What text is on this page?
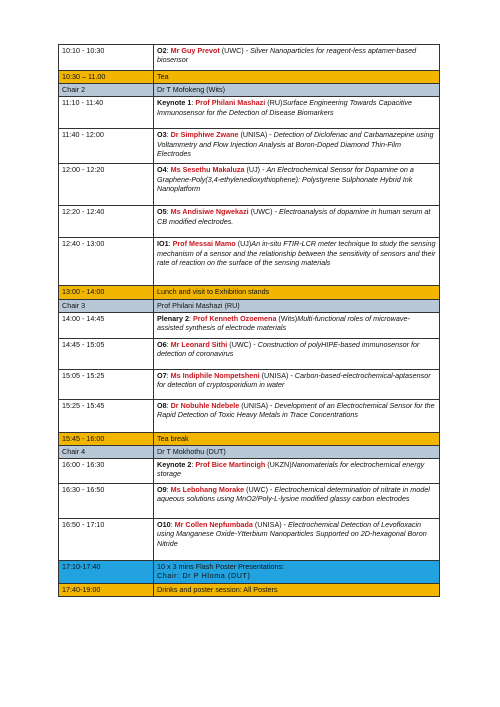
10:10 - 10:30	O2: Mr Guy Prevot (UWC) - Silver Nanoparticles for reagent-less aptamer-based biosensor
10:30 – 11.00	Tea
Chair 2	Dr T Mofokeng (Wits)
11:10 - 11:40	Keynote 1: Prof Philani Mashazi (RU)Surface Engineering Towards Capacitive Immunosensor for the Detection of Disease Biomarkers
11:40 - 12:00	O3: Dr Simphiwe Zwane (UNISA) - Detection of Diclofenac and Carbamazepine using Voltammetry and Flow Injection Analysis at Boron-Doped Diamond Thin-Film Electrodes
12:00 - 12:20	O4: Ms Sesethu Makaluza (UJ) - An Electrochemical Sensor for Dopamine on a Graphene-Poly(3,4-ethylenedioxythiophene): Polystyrene Sulphonate Hybrid Ink Nanoplatform
12:20 - 12:40	O5: Ms Andisiwe Ngwekazi (UWC) - Electroanalysis of dopamine in human serum at CB modified electrodes.
12:40 - 13:00	IO1: Prof Messai Mamo (UJ)An in-situ FTIR-LCR meter technique to study the sensing mechanism of a sensor and the relationship between the sensitivity of sensors and their rate of reaction on the surface of the sensing materials
13:00 - 14:00	Lunch and visit to Exhibition stands
Chair 3	Prof Philani Mashazi (RU)
14:00 - 14:45	Plenary 2: Prof Kenneth Ozoemena (Wits)Multi-functional roles of microwave-assisted synthesis of electrode materials
14:45 - 15:05	O6: Mr Leonard Sithi (UWC) - Construction of polyHIPE-based immunosensor for detection of coronavirus
15:05 - 15:25	O7: Ms Indiphile Nompetsheni (UNISA) - Carbon-based-electrochemical-aptasensor for detection of cryptosporidium in water
15:25 - 15:45	O8: Dr Nobuhle Ndebele (UNISA) - Development of an Electrochemical Sensor for the Rapid Detection of Toxic Heavy Metals in Trace Concentrations
15:45 - 16:00	Tea break
Chair 4	Dr T Mokhothu (DUT)
16:00 - 16:30	Keynote 2: Prof Bice Martincigh (UKZN)Nanomaterials for electrochemical energy storage
16:30 - 16:50	O9: Ms Lebohang Morake (UWC) - Electrochemical determination of nitrate in model aqueous solutions using MnO2/Poly-L-lysine modified glassy carbon electrodes
16:50 - 17:10	O10: Mr Collen Nepfumbada (UNISA) - Electrochemical Detection of Levofloxacin using Manganese Oxide-Ytterbium Nanoparticles Supported on 2D-hexagonal Boron Nitride
17:10-17:40	10 x 3 mins Flash Poster Presentations:
Chair: Dr P Hloma (DUT)

17:40-19:00	Drinks and poster session: All Posters
